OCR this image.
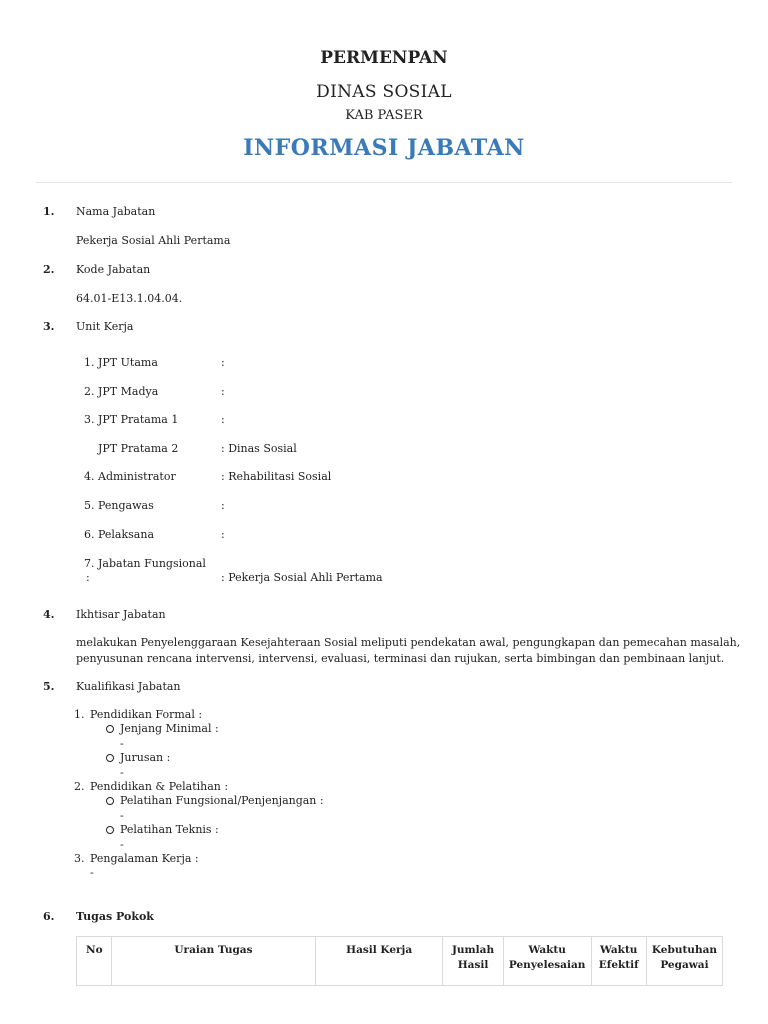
PERMENPAN
DINAS SOSIAL
KAB PASER
INFORMASI JABATAN
1. Nama Jabatan
Pekerja Sosial Ahli Pertama
2. Kode Jabatan
64.01-E13.1.04.04.
3. Unit Kerja
1. JPT Utama	:
2. JPT Madya	:
3. JPT Pratama 1	:
JPT Pratama 2	: Dinas Sosial
4. Administrator	: Rehabilitasi Sosial
5. Pengawas	:
6. Pelaksana	:
7. Jabatan Fungsional
:	: Pekerja Sosial Ahli Pertama
4. Ikhtisar Jabatan
melakukan Penyelenggaraan Kesejahteraan Sosial meliputi pendekatan awal, pengungkapan dan pemecahan masalah,
penyusunan rencana intervensi, intervensi, evaluasi, terminasi dan rujukan, serta bimbingan dan pembinaan lanjut.
5. Kualifikasi Jabatan
1. Pendidikan Formal :
Jenjang Minimal :
-
Jurusan :
-
2. Pendidikan & Pelatihan :
Pelatihan Fungsional/Penjenjangan :
-
Pelatihan Teknis :
-
3. Pengalaman Kerja :
-
6. Tugas Pokok
No	Uraian Tugas	Hasil Kerja	Jumlah Hasil	Waktu Penyelesaian	Waktu Efektif	Kebutuhan Pegawai
